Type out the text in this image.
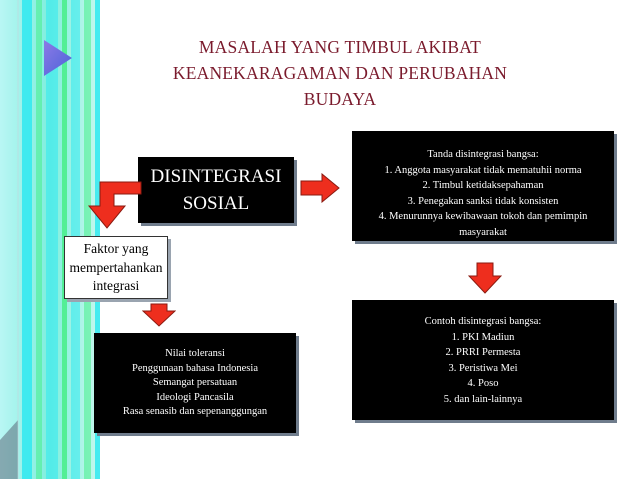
MASALAH YANG TIMBUL AKIBAT
KEANEKARAGAMAN DAN PERUBAHAN
BUDAYA
DISINTEGRASI
SOSIAL
Tanda disintegrasi bangsa:
1. Anggota masyarakat tidak mematuhii norma
2. Timbul ketidaksepahaman
3. Penegakan sanksi tidak konsisten
4. Menurunnya kewibawaan tokoh dan pemimpin
masyarakat
Contoh disintegrasi bangsa:
1. PKI Madiun
2. PRRI Permesta
3. Peristiwa Mei
4. Poso
5. dan lain-lainnya
Faktor yang
mempertahankan
integrasi
Nilai toleransi
Penggunaan bahasa Indonesia
Semangat persatuan
Ideologi Pancasila
Rasa senasib dan sepenanggungan
